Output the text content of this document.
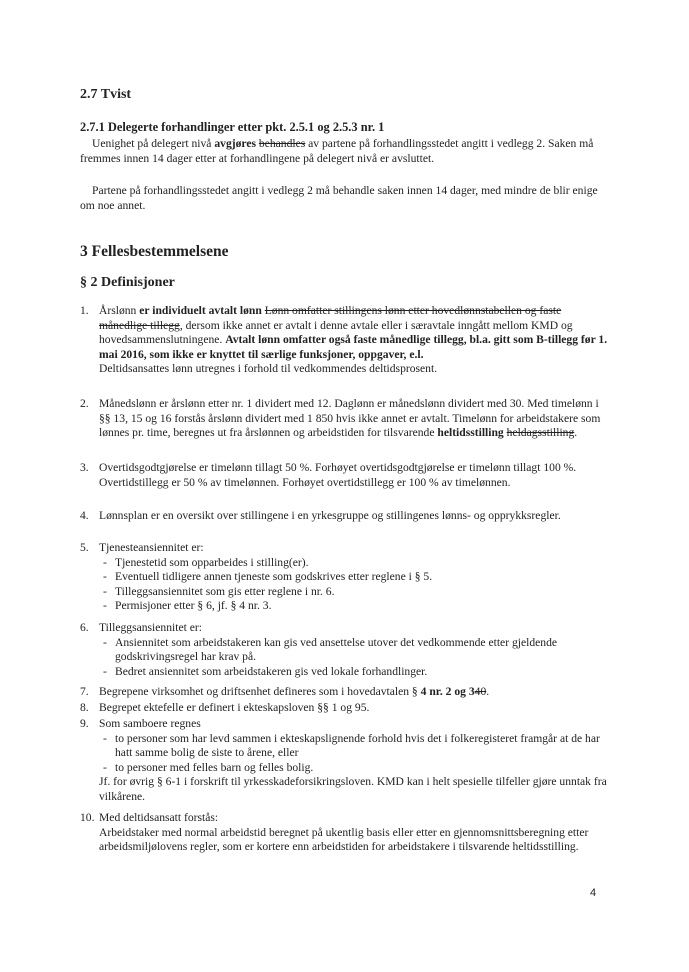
2.7 Tvist
2.7.1 Delegerte forhandlinger etter pkt. 2.5.1 og 2.5.3 nr. 1

Uenighet på delegert nivå avgjøres behandles av partene på forhandlingsstedet angitt i vedlegg 2. Saken må fremmes innen 14 dager etter at forhandlingene på delegert nivå er avsluttet.

Partene på forhandlingsstedet angitt i vedlegg 2 må behandle saken innen 14 dager, med mindre de blir enige om noe annet.

3 Fellesbestemmelsene
§ 2 Definisjoner
1. Årslønn er individuelt avtalt lønn Lønn omfatter stillingens lønn etter hovedlønnstabellen og faste månedlige tillegg, dersom ikke annet er avtalt i denne avtale eller i særavtale inngått mellom KMD og hovedsammenslutningene. Avtalt lønn omfatter også faste månedlige tillegg, bl.a. gitt som B-tillegg før 1. mai 2016, som ikke er knyttet til særlige funksjoner, oppgaver, e.l.
Deltidsansattes lønn utregnes i forhold til vedkommendes deltidsprosent.
2. Månedslønn er årslønn etter nr. 1 dividert med 12. Daglønn er månedslønn dividert med 30. Med timelønn i §§ 13, 15 og 16 forstås årslønn dividert med 1 850 hvis ikke annet er avtalt. Timelønn for arbeidstakere som lønnes pr. time, beregnes ut fra årslønnen og arbeidstiden for tilsvarende heltidsstilling heldagsstilling.
3. Overtidsgodtgjørelse er timelønn tillagt 50 %. Forhøyet overtidsgodtgjørelse er timelønn tillagt 100 %. Overtidstillegg er 50 % av timelønnen. Forhøyet overtidstillegg er 100 % av timelønnen.
4. Lønnsplan er en oversikt over stillingene i en yrkesgruppe og stillingenes lønns- og opprykksregler.
5. Tjenesteansiennitet er:
- Tjenestetid som opparbeides i stilling(er).
- Eventuell tidligere annen tjeneste som godskrives etter reglene i § 5.
- Tilleggsansiennitet som gis etter reglene i nr. 6.
- Permisjoner etter § 6, jf. § 4 nr. 3.
6. Tilleggsansiennitet er:
- Ansiennitet som arbeidstakeren kan gis ved ansettelse utover det vedkommende etter gjeldende godskrivingsregel har krav på.
- Bedret ansiennitet som arbeidstakeren gis ved lokale forhandlinger.
7. Begrepene virksomhet og driftsenhet defineres som i hovedavtalen § 4 nr. 2 og 340.
8. Begrepet ektefelle er definert i ekteskapsloven §§ 1 og 95.
9. Som samboere regnes
- to personer som har levd sammen i ekteskapslignende forhold hvis det i folkeregisteret framgår at de har hatt samme bolig de siste to årene, eller
- to personer med felles barn og felles bolig.
Jf. for øvrig § 6-1 i forskrift til yrkesskadeforsikringsloven. KMD kan i helt spesielle tilfeller gjøre unntak fra vilkårene.
10. Med deltidsansatt forstås:
Arbeidstaker med normal arbeidstid beregnet på ukentlig basis eller etter en gjennomsnittsberegning etter arbeidsmiljølovens regler, som er kortere enn arbeidstiden for arbeidstakere i tilsvarende heltidsstilling.
4
